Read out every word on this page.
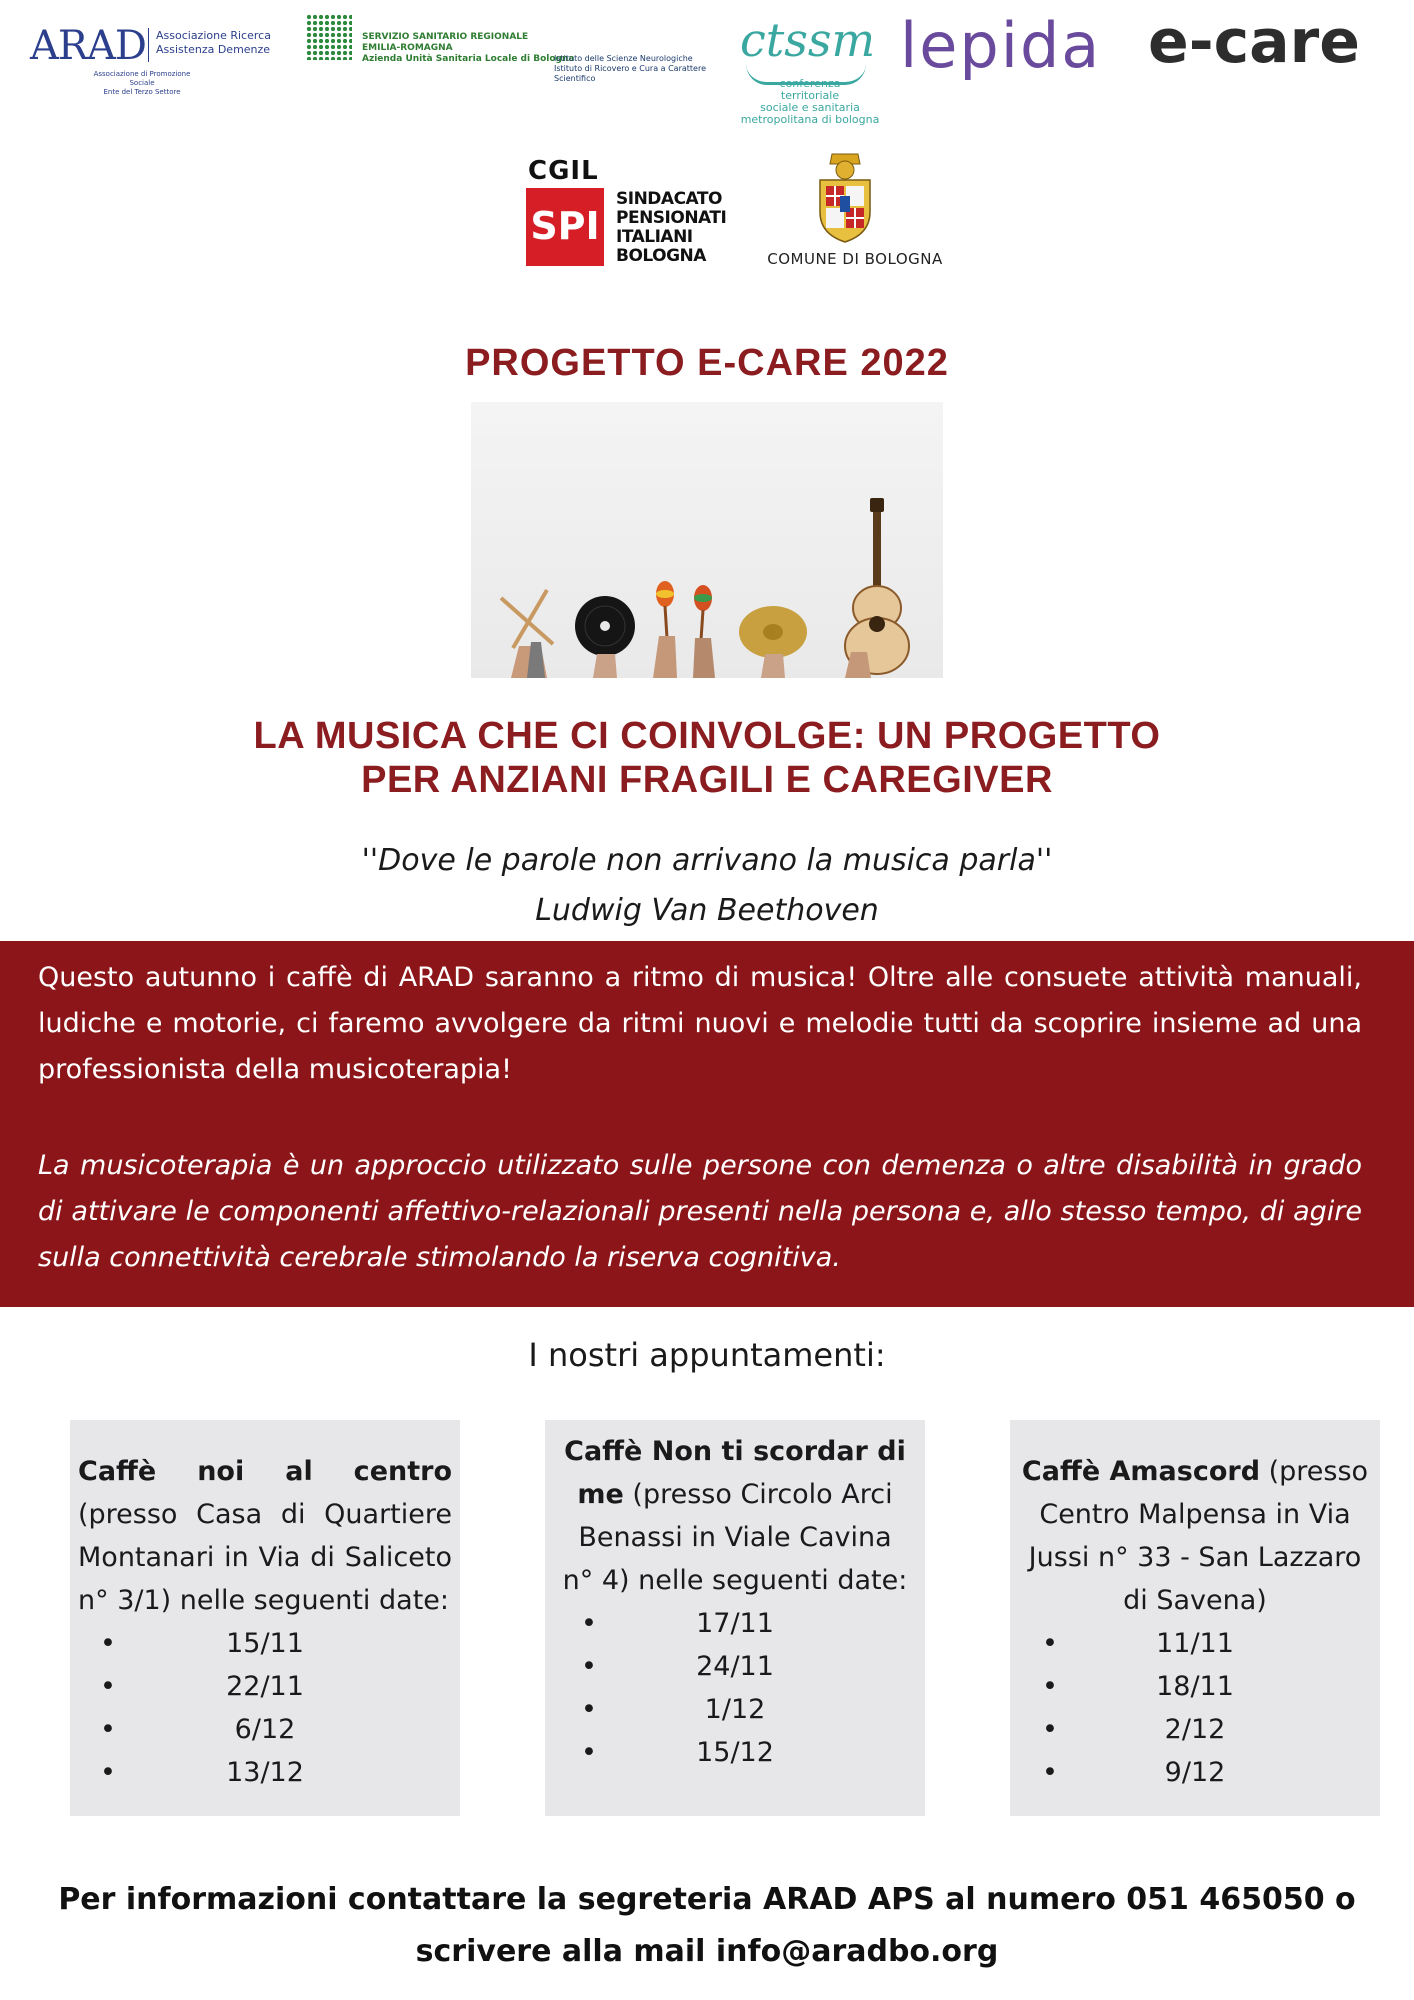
ARAD Associazione Ricerca
Assistenza Demenze
Associazione di Promozione Sociale
Ente del Terzo Settore
SERVIZIO SANITARIO REGIONALE
EMILIA-ROMAGNA
Azienda Unità Sanitaria Locale di Bologna
Istituto delle Scienze Neurologiche
Istituto di Ricovero e Cura a Carattere Scientifico
ctssm
conferenza
territoriale
sociale e sanitaria
metropolitana di bologna
lepida e-care
CGIL
SPI
SINDACATO
PENSIONATI
ITALIANI
BOLOGNA	COMUNE DI BOLOGNA
PROGETTO E-CARE 2022
LA MUSICA CHE CI COINVOLGE: UN PROGETTO
PER ANZIANI FRAGILI E CAREGIVER
''Dove le parole non arrivano la musica parla''
Ludwig Van Beethoven

Questo autunno i caffè di ARAD saranno a ritmo di musica! Oltre alle consuete attività manuali, ludiche e motorie, ci faremo avvolgere da ritmi nuovi e melodie tutti da scoprire insieme ad una professionista della musicoterapia!

La musicoterapia è un approccio utilizzato sulle persone con demenza o altre disabilità in grado di attivare le componenti affettivo-relazionali presenti nella persona e, allo stesso tempo, di agire sulla connettività cerebrale stimolando la riserva cognitiva.

I nostri appuntamenti:

Caffè noi al centro (presso Casa di Quartiere Montanari in Via di Saliceto n° 3/1) nelle seguenti date:

• 15/11
• 22/11
• 6/12
• 13/12

Caffè Non ti scordar di me (presso Circolo Arci Benassi in Viale Cavina n° 4) nelle seguenti date:

• 17/11
• 24/11
• 1/12
• 15/12

Caffè Amascord (presso Centro Malpensa in Via Jussi n° 33 - San Lazzaro di Savena)

• 11/11
• 18/11
• 2/12
• 9/12
Per informazioni contattare la segreteria ARAD APS al numero 051 465050 o
scrivere alla mail info@aradbo.org
